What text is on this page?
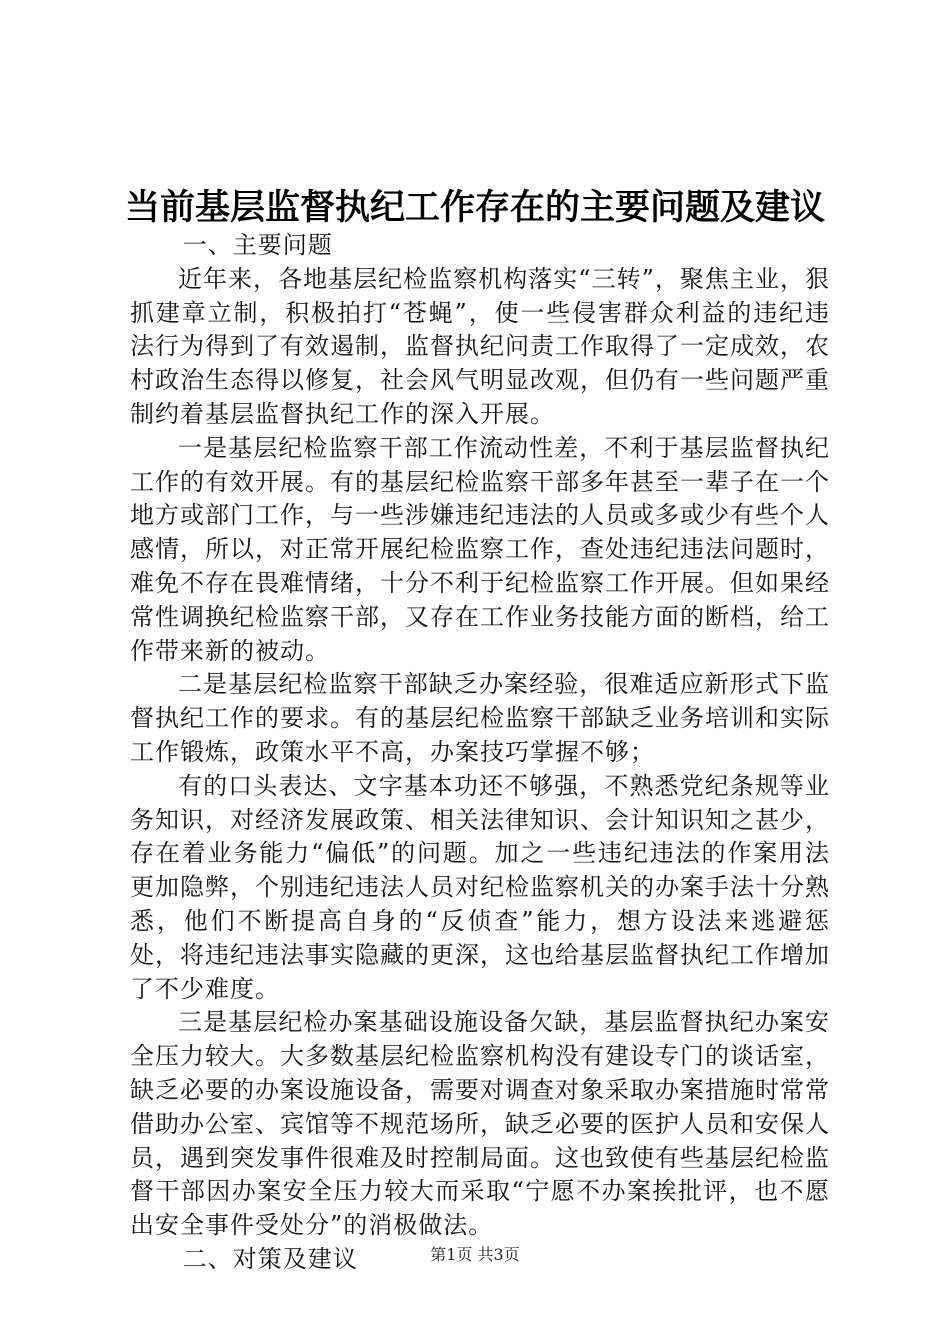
当前基层监督执纪工作存在的主要问题及建议

一、主要问题

近年来，各地基层纪检监察机构落实“三转”，聚焦主业，狠抓建章立制，积极拍打“苍蝇”，使一些侵害群众利益的违纪违法行为得到了有效遏制，监督执纪问责工作取得了一定成效，农村政治生态得以修复，社会风气明显改观，但仍有一些问题严重制约着基层监督执纪工作的深入开展。

一是基层纪检监察干部工作流动性差，不利于基层监督执纪工作的有效开展。有的基层纪检监察干部多年甚至一辈子在一个地方或部门工作，与一些涉嫌违纪违法的人员或多或少有些个人感情，所以，对正常开展纪检监察工作，查处违纪违法问题时，难免不存在畏难情绪，十分不利于纪检监察工作开展。但如果经常性调换纪检监察干部，又存在工作业务技能方面的断档，给工作带来新的被动。

二是基层纪检监察干部缺乏办案经验，很难适应新形式下监督执纪工作的要求。有的基层纪检监察干部缺乏业务培训和实际工作锻炼，政策水平不高，办案技巧掌握不够；

有的口头表达、文字基本功还不够强，不熟悉党纪条规等业务知识，对经济发展政策、相关法律知识、会计知识知之甚少，存在着业务能力“偏低”的问题。加之一些违纪违法的作案用法更加隐弊，个别违纪违法人员对纪检监察机关的办案手法十分熟悉，他们不断提高自身的“反侦查”能力，想方设法来逃避惩处，将违纪违法事实隐藏的更深，这也给基层监督执纪工作增加了不少难度。

三是基层纪检办案基础设施设备欠缺，基层监督执纪办案安全压力较大。大多数基层纪检监察机构没有建设专门的谈话室，缺乏必要的办案设施设备，需要对调查对象采取办案措施时常常借助办公室、宾馆等不规范场所，缺乏必要的医护人员和安保人员，遇到突发事件很难及时控制局面。这也致使有些基层纪检监督干部因办案安全压力较大而采取“宁愿不办案挨批评，也不愿出安全事件受处分”的消极做法。

二、对策及建议	第1页 共3页
